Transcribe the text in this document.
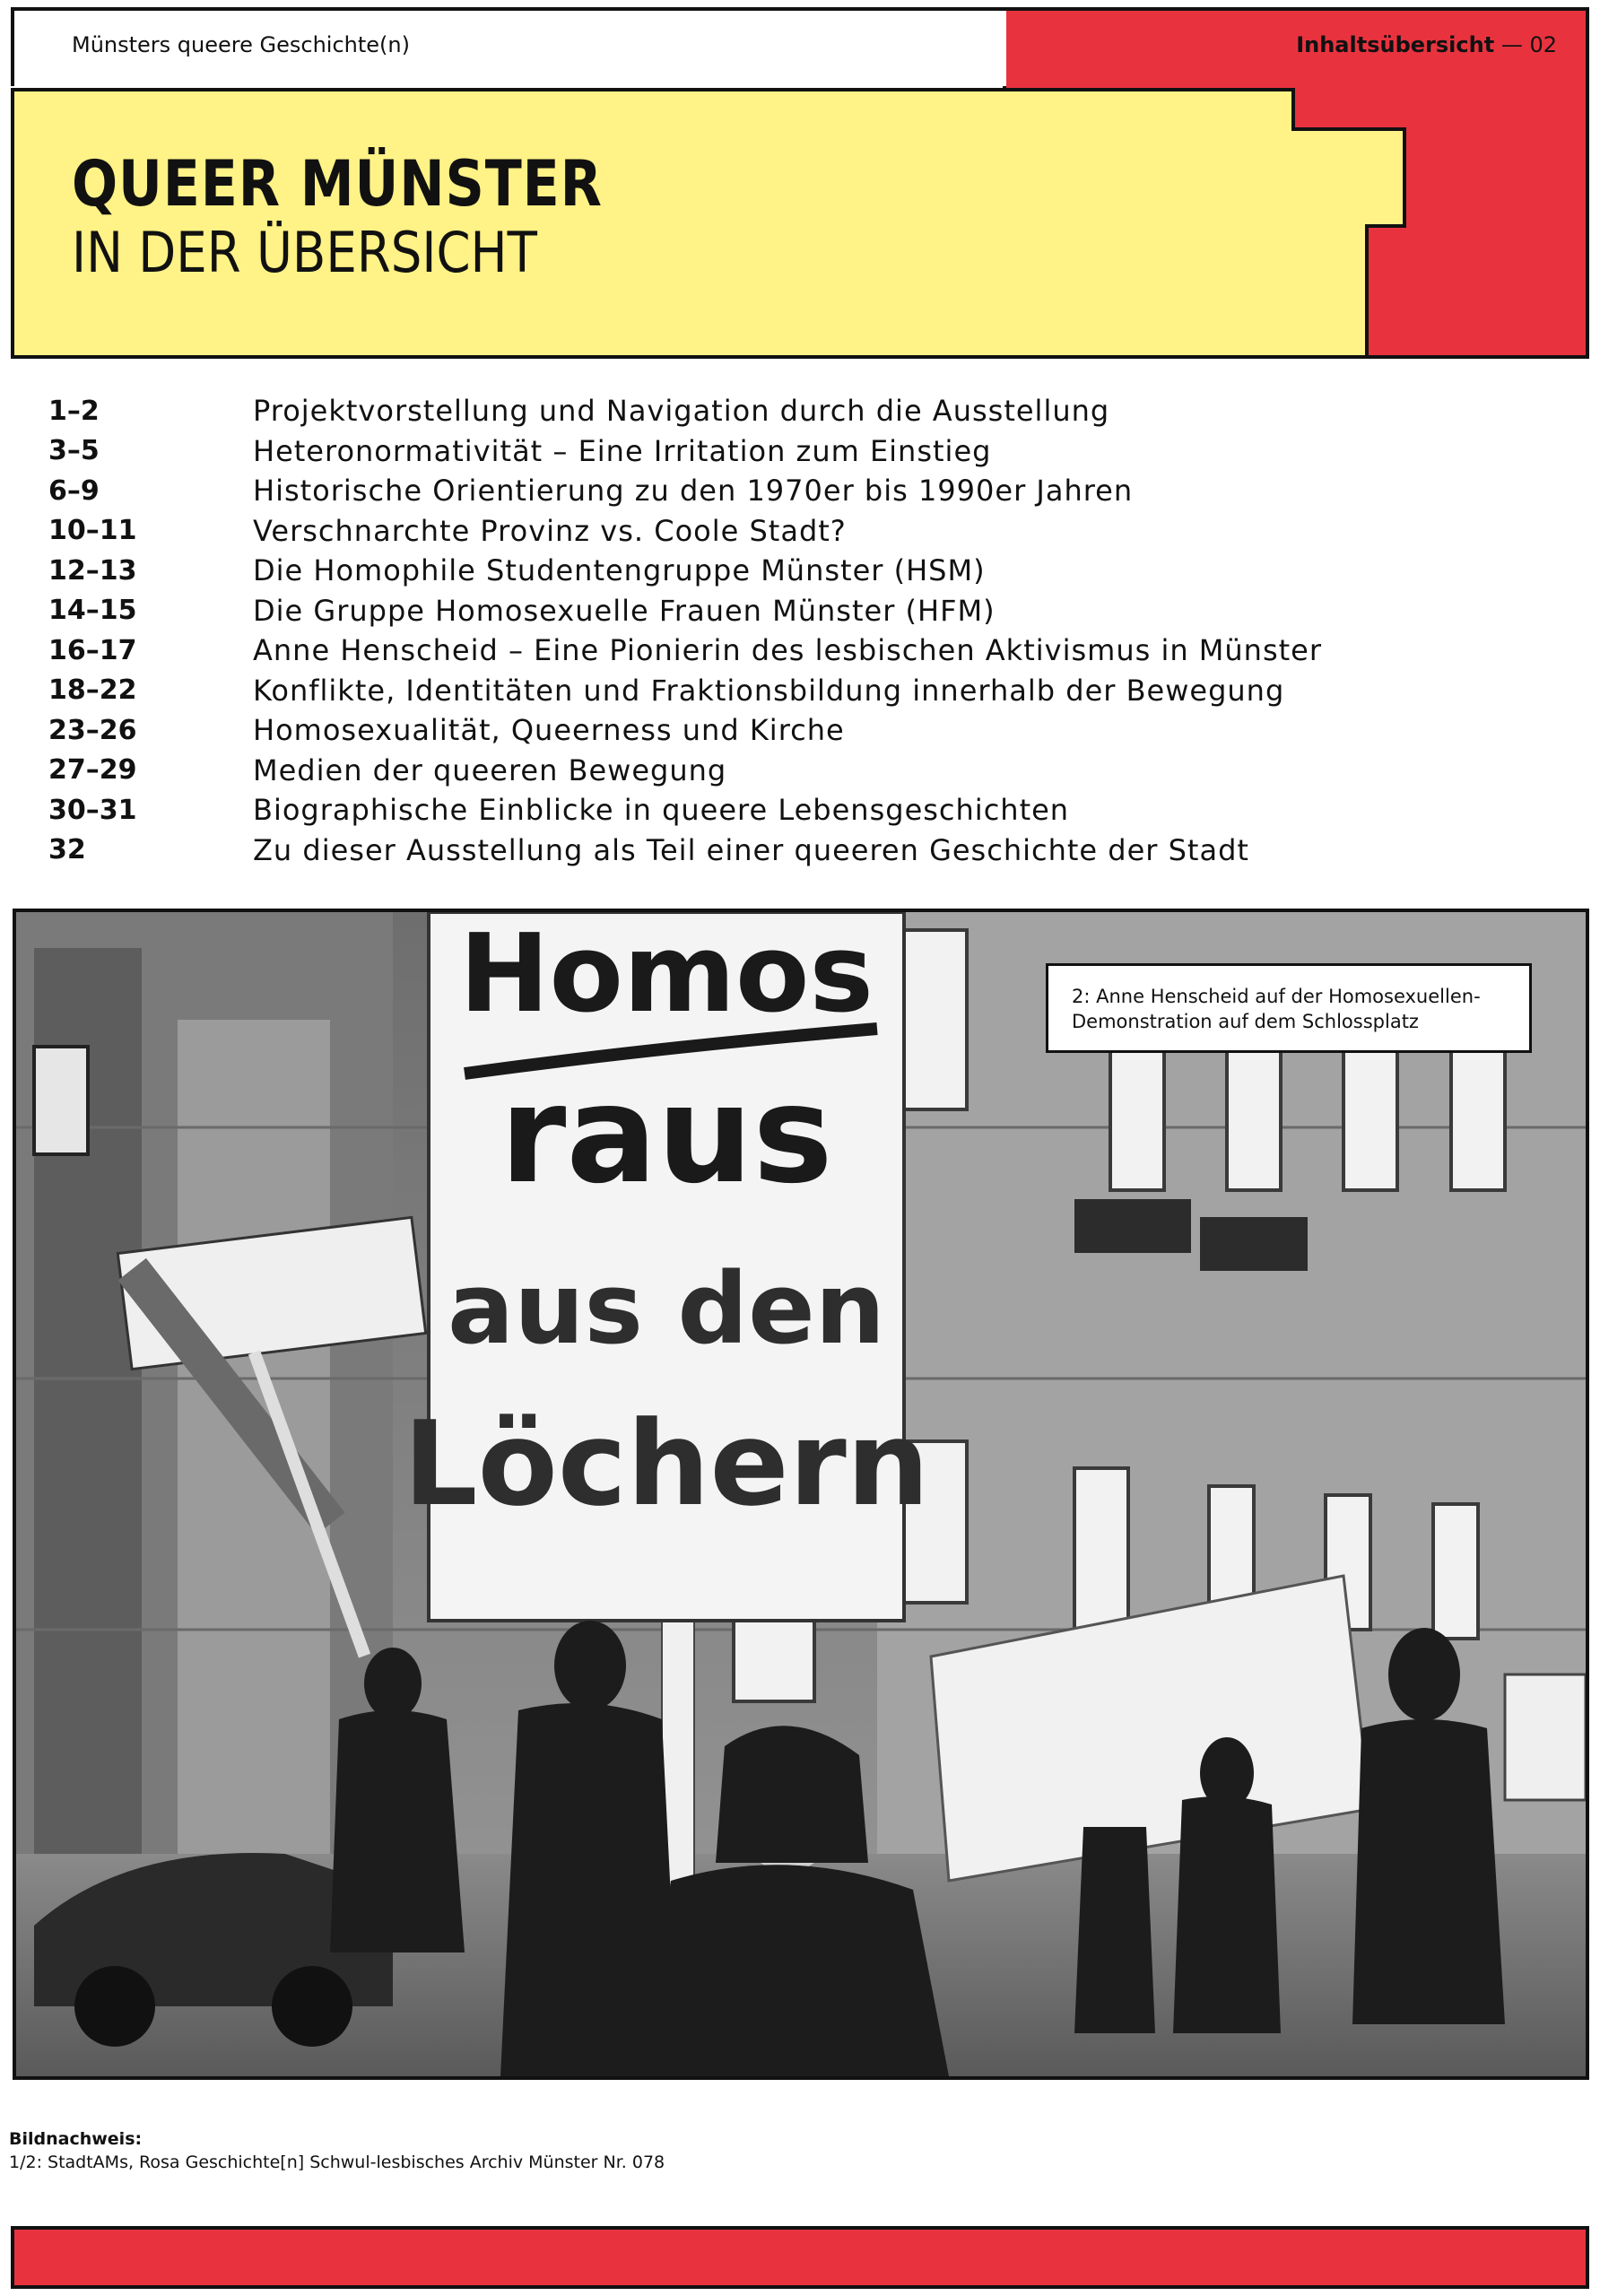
Münsters queere Geschichte(n)	Inhaltsübersicht — 02
QUEER MÜNSTER
IN DER ÜBERSICHT
1–2	Projektvorstellung und Navigation durch die Ausstellung
3–5	Heteronormativität – Eine Irritation zum Einstieg
6–9	Historische Orientierung zu den 1970er bis 1990er Jahren
10–11	Verschnarchte Provinz vs. Coole Stadt?
12–13	Die Homophile Studentengruppe Münster (HSM)
14–15	Die Gruppe Homosexuelle Frauen Münster (HFM)
16–17	Anne Henscheid – Eine Pionierin des lesbischen Aktivismus in Münster
18–22	Konflikte, Identitäten und Fraktionsbildung innerhalb der Bewegung
23–26	Homosexualität, Queerness und Kirche
27–29	Medien der queeren Bewegung
30–31	Biographische Einblicke in queere Lebensgeschichten
32	Zu dieser Ausstellung als Teil einer queeren Geschichte der Stadt
Homos
raus
aus den
Löchern
2: Anne Henscheid auf der Homosexuellen-Demonstration auf dem Schlossplatz
Bildnachweis:
1/2: StadtAMs, Rosa Geschichte[n] Schwul-lesbisches Archiv Münster Nr. 078
